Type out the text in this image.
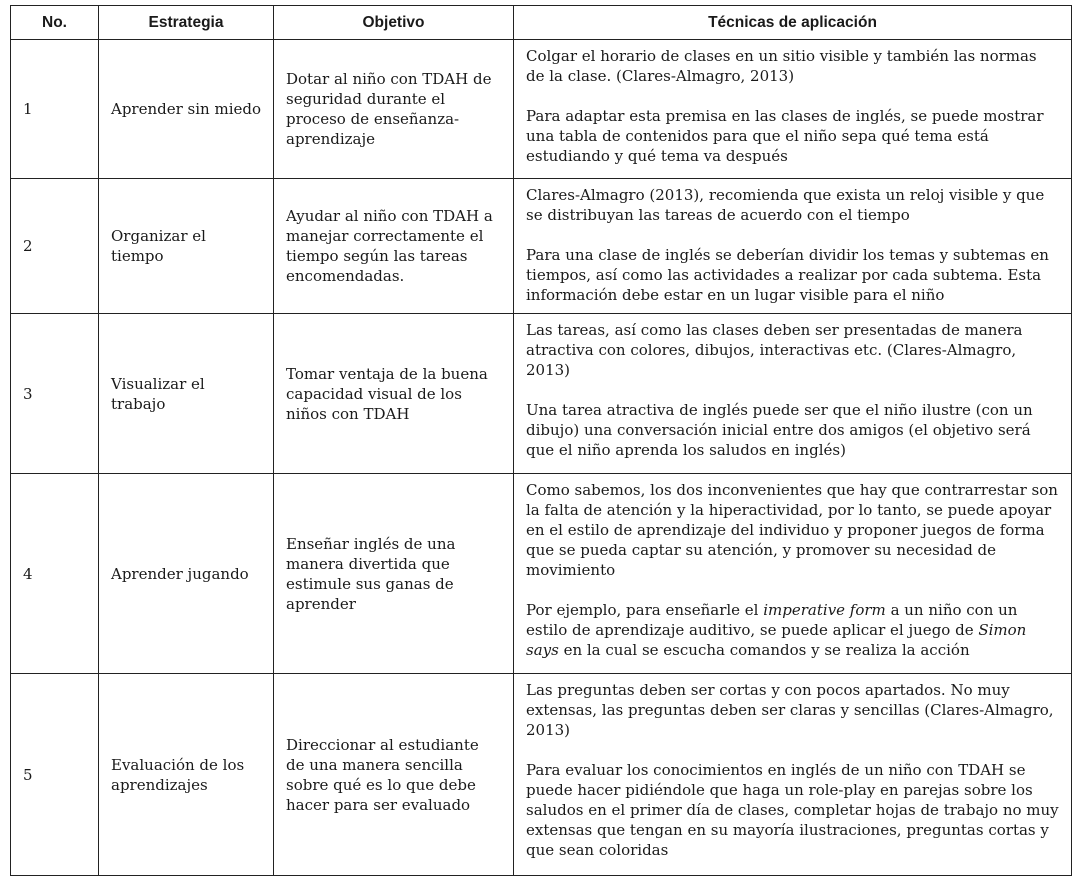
No.	Estrategia	Objetivo	Técnicas de aplicación
1	Aprender sin miedo	Dotar al niño con TDAH de seguridad durante el proceso de enseñanza-aprendizaje	Colgar el horario de clases en un sitio visible y también las normas de la clase. (Clares-Almagro, 2013)

Para adaptar esta premisa en las clases de inglés, se puede mostrar una tabla de contenidos para que el niño sepa qué tema está estudiando y qué tema va después

2	Organizar el tiempo	Ayudar al niño con TDAH a manejar correctamente el tiempo según las tareas encomendadas.	Clares-Almagro (2013), recomienda que exista un reloj visible y que se distribuyan las tareas de acuerdo con el tiempo

Para una clase de inglés se deberían dividir los temas y subtemas en tiempos, así como las actividades a realizar por cada subtema. Esta información debe estar en un lugar visible para el niño

3	Visualizar el trabajo	Tomar ventaja de la buena capacidad visual de los niños con TDAH	Las tareas, así como las clases deben ser presentadas de manera atractiva con colores, dibujos, interactivas etc. (Clares-Almagro, 2013)

Una tarea atractiva de inglés puede ser que el niño ilustre (con un dibujo) una conversación inicial entre dos amigos (el objetivo será que el niño aprenda los saludos en inglés)

4	Aprender jugando	Enseñar inglés de una manera divertida que estimule sus ganas de aprender	Como sabemos, los dos inconvenientes que hay que contrarrestar son la falta de atención y la hiperactividad, por lo tanto, se puede apoyar en el estilo de aprendizaje del individuo y proponer juegos de forma que se pueda captar su atención, y promover su necesidad de movimiento

Por ejemplo, para enseñarle el imperative form a un niño con un estilo de aprendizaje auditivo, se puede aplicar el juego de Simon says en la cual se escucha comandos y se realiza la acción

5	Evaluación de los aprendizajes	Direccionar al estudiante de una manera sencilla sobre qué es lo que debe hacer para ser evaluado	Las preguntas deben ser cortas y con pocos apartados. No muy extensas, las preguntas deben ser claras y sencillas (Clares-Almagro, 2013)

Para evaluar los conocimientos en inglés de un niño con TDAH se puede hacer pidiéndole que haga un role-play en parejas sobre los saludos en el primer día de clases, completar hojas de trabajo no muy extensas que tengan en su mayoría ilustraciones, preguntas cortas y que sean coloridas
